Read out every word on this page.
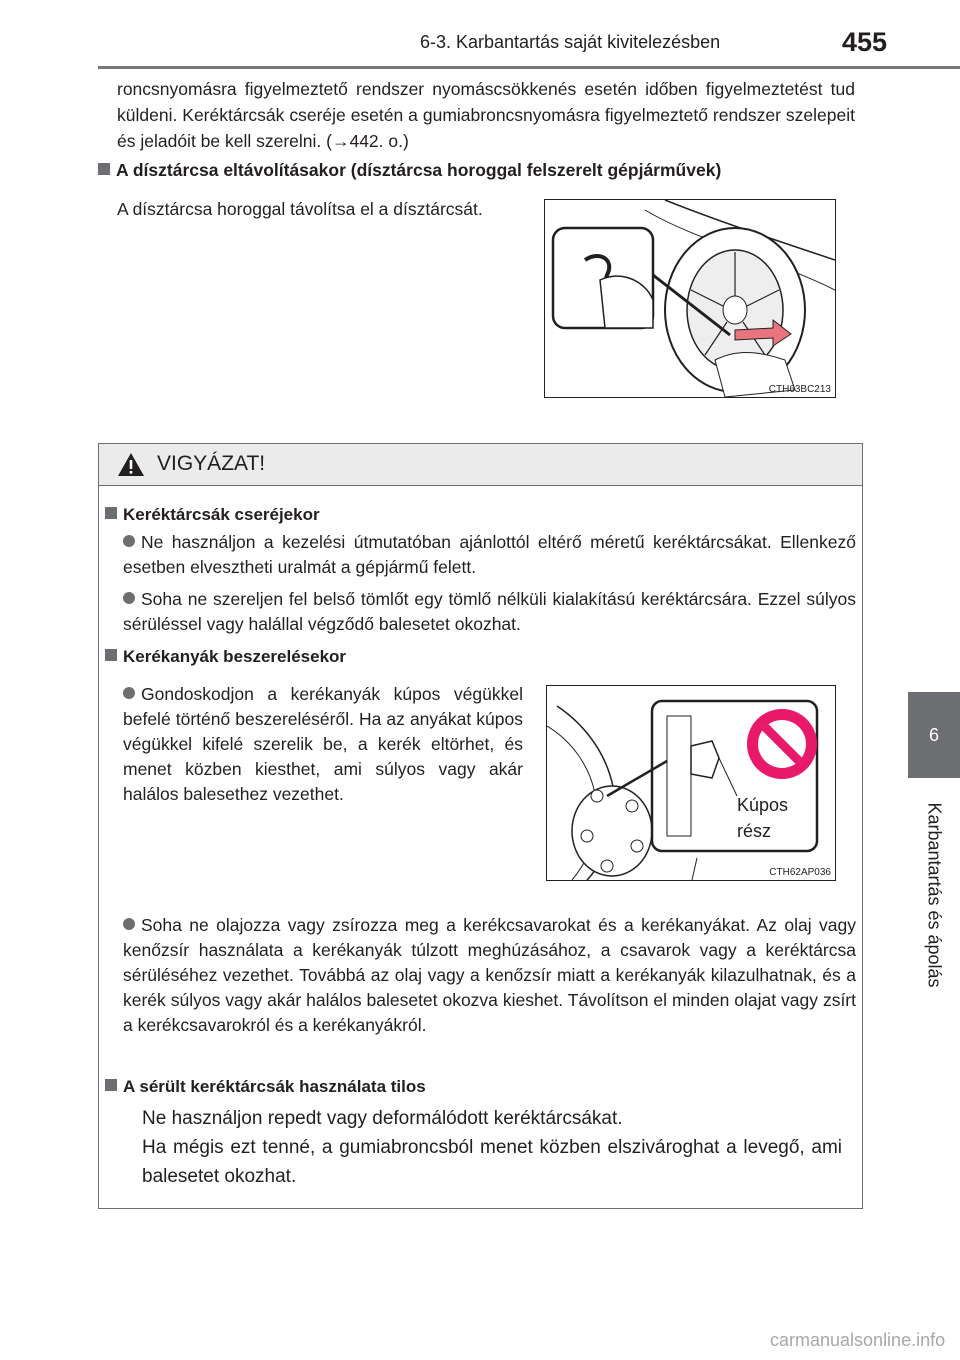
6-3. Karbantartás saját kivitelezésben	455
6
Karbantartás és ápolás
roncsnyomásra figyelmeztető rendszer nyomáscsökkenés esetén időben figyelmeztetést tud küldeni. Keréktárcsák cseréje esetén a gumiabroncsnyomásra figyelmeztető rendszer szelepeit és jeladóit be kell szerelni. (→442. o.)
A dísztárcsa eltávolításakor (dísztárcsa horoggal felszerelt gépjárművek)
A dísztárcsa horoggal távolítsa el a dísztárcsát.
CTH63BC213
VIGYÁZAT!
Keréktárcsák cseréjekor
Ne használjon a kezelési útmutatóban ajánlottól eltérő méretű keréktárcsákat. Ellenkező esetben elvesztheti uralmát a gépjármű felett.
Soha ne szereljen fel belső tömlőt egy tömlő nélküli kialakítású keréktárcsára. Ezzel súlyos sérüléssel vagy halállal végződő balesetet okozhat.
Kerékanyák beszerelésekor
Gondoskodjon a kerékanyák kúpos végükkel befelé történő beszereléséről. Ha az anyákat kúpos végükkel kifelé szerelik be, a kerék eltörhet, és menet közben kiesthet, ami súlyos vagy akár halálos balesethez vezethet.
Kúpos
rész
CTH62AP036
Soha ne olajozza vagy zsírozza meg a kerékcsavarokat és a kerékanyákat. Az olaj vagy kenőzsír használata a kerékanyák túlzott meghúzásához, a csavarok vagy a keréktárcsa sérüléséhez vezethet. Továbbá az olaj vagy a kenőzsír miatt a kerékanyák kilazulhatnak, és a kerék súlyos vagy akár halálos balesetet okozva kieshet. Távolítson el minden olajat vagy zsírt a kerékcsavarokról és a kerékanyákról.
A sérült keréktárcsák használata tilos
Ne használjon repedt vagy deformálódott keréktárcsákat.
Ha mégis ezt tenné, a gumiabroncsból menet közben elszivároghat a levegő, ami balesetet okozhat.
carmanualsonline.info
